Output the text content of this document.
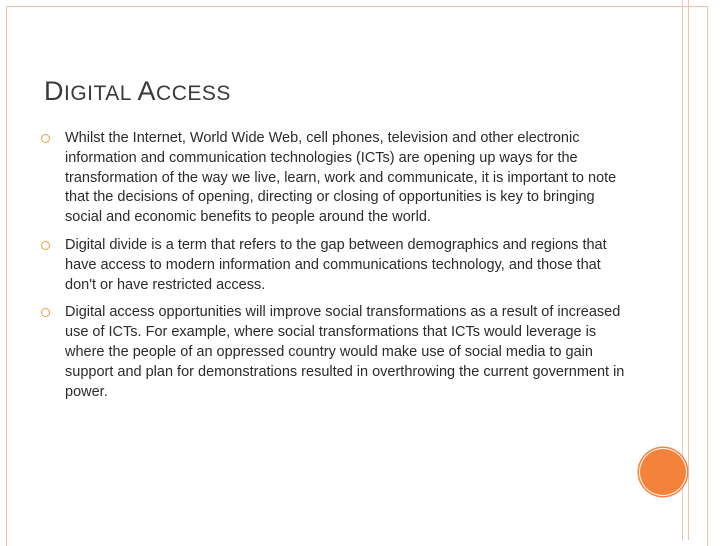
DIGITAL ACCESS
Whilst the Internet, World Wide Web, cell phones, television and other electronic information and communication technologies (ICTs) are opening up ways for the transformation of the way we live, learn, work and communicate, it is important to note that the decisions of opening, directing or closing of opportunities is key to bringing social and economic benefits to people around the world.
Digital divide is a term that refers to the gap between demographics and regions that have access to modern information and communications technology, and those that don't or have restricted access.
Digital access opportunities will improve social transformations as a result of increased use of ICTs. For example, where social transformations that ICTs would leverage is where the people of an oppressed country would make use of social media to gain support and plan for demonstrations resulted in overthrowing the current government in power.
